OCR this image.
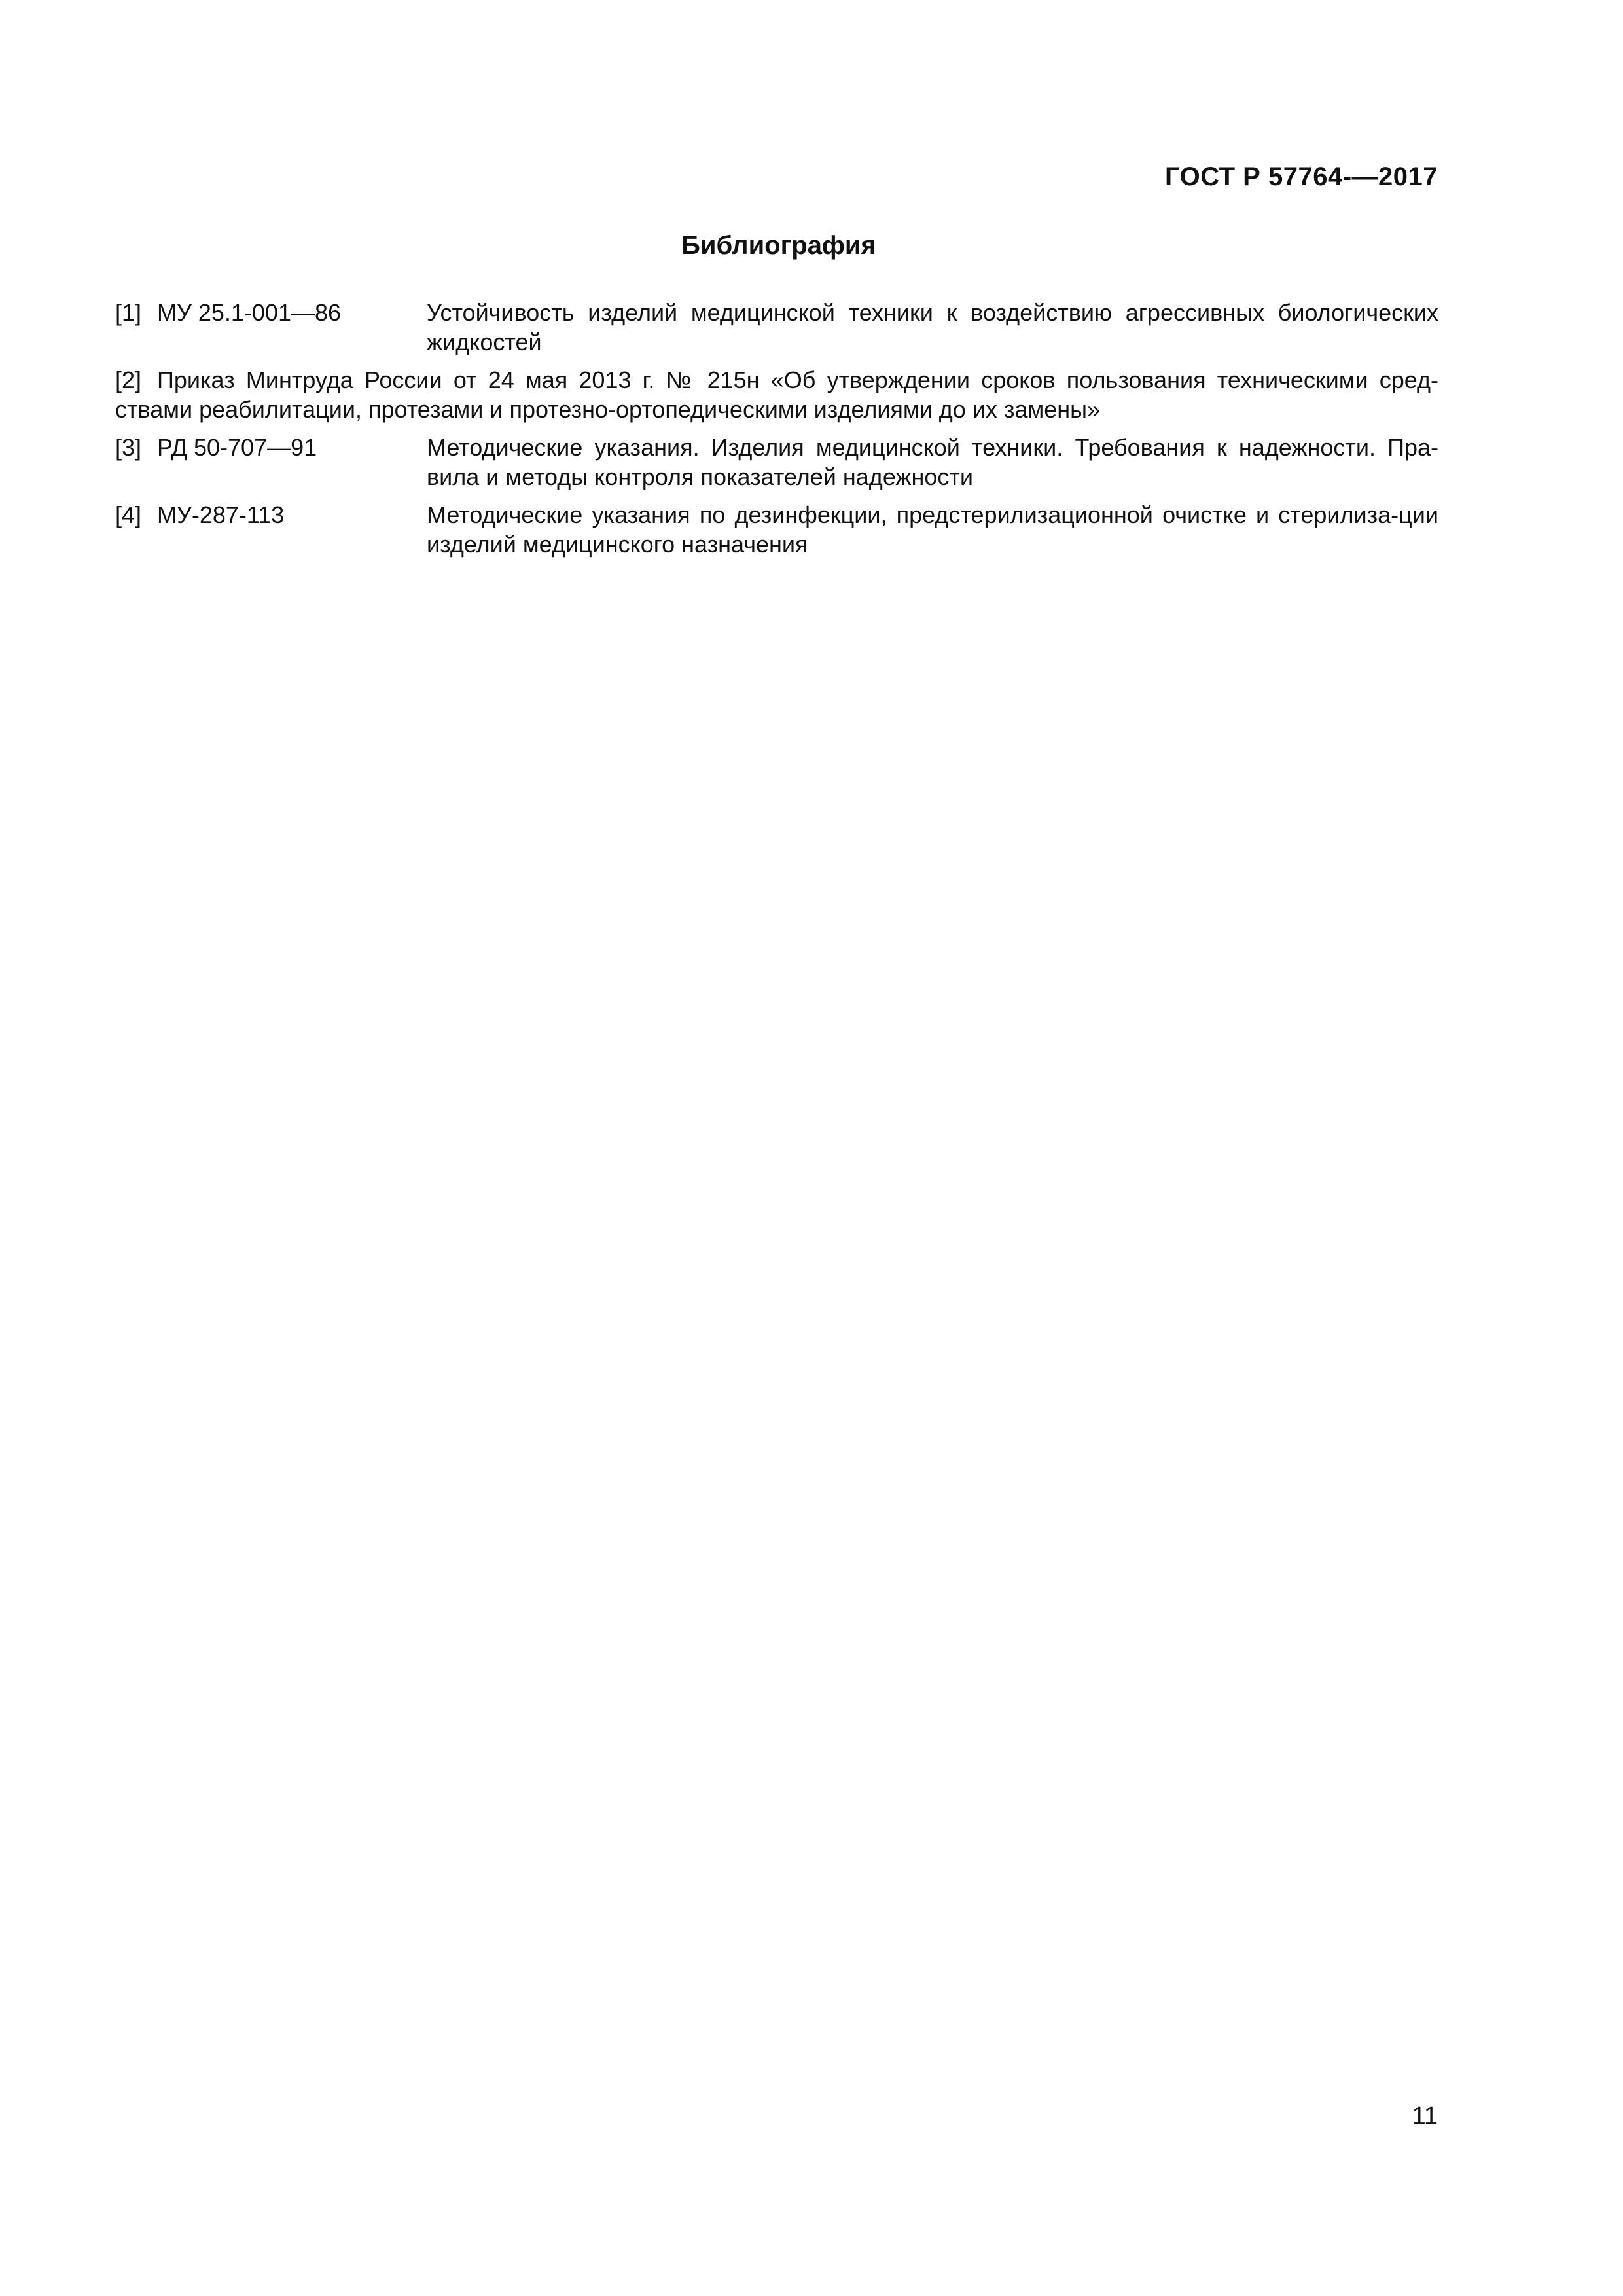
ГОСТ Р 57764-—2017
Библиография
[1] МУ 25.1-001—86	Устойчивость изделий медицинской техники к воздействию агрессивных биологических жидкостей
[2] Приказ Минтруда России от 24 мая 2013 г. № 215н «Об утверждении сроков пользования техническими сред-
ствами реабилитации, протезами и протезно-ортопедическими изделиями до их замены»
[3] РД 50-707—91	Методические указания. Изделия медицинской техники. Требования к надежности. Пра-вила и методы контроля показателей надежности
[4] МУ-287-113	Методические указания по дезинфекции, предстерилизационной очистке и стерилиза-ции изделий медицинского назначения
11
